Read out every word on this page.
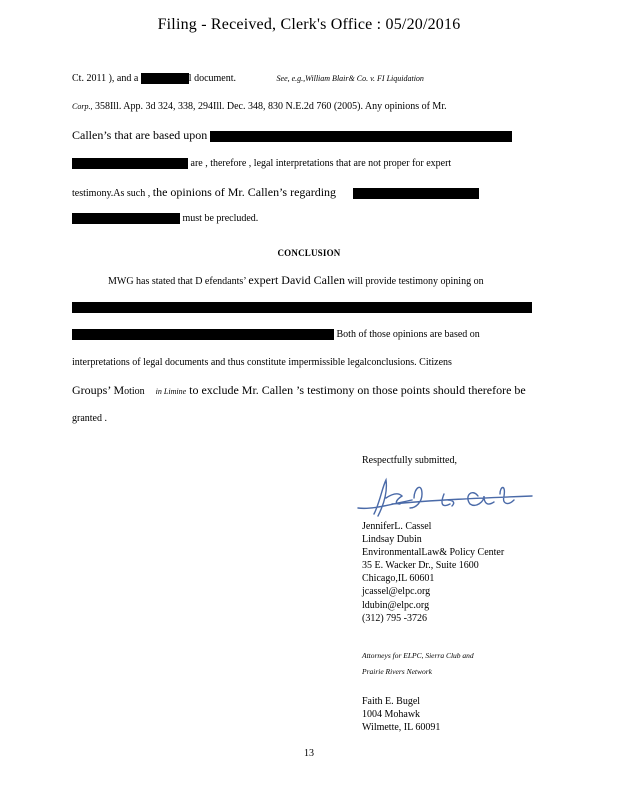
Filing - Received, Clerk's Office : 05/20/2016
Ct. 2011 ), and a	l document.	See, e.g.,William Blair& Co. v. FI Liquidation
Corp., 358Ill. App. 3d 324, 338, 294Ill. Dec. 348, 830 N.E.2d 760 (2005). Any opinions of Mr.
Callen’s that are based upon
are , therefore , legal interpretations that are not proper for expert
testimony.As such , the opinions of Mr. Callen’s regarding
must be precluded.
CONCLUSION
MWG has stated that D efendants’ expert David Callen will provide testimony opining on
Both of those opinions are based on
interpretations of legal documents and thus constitute impermissible legalconclusions. Citizens
Groups’ Motion in Limine to exclude Mr. Callen ’s testimony on those points should therefore be
granted .
Respectfully submitted,
JenniferL. Cassel
Lindsay Dubin
EnvironmentalLaw& Policy Center
35 E. Wacker Dr., Suite 1600
Chicago,IL 60601
jcassel@elpc.org
ldubin@elpc.org
(312) 795 -3726
Attorneys for ELPC, Sierra Club and
Prairie Rivers Network
Faith E. Bugel
1004 Mohawk
Wilmette, IL 60091
13
